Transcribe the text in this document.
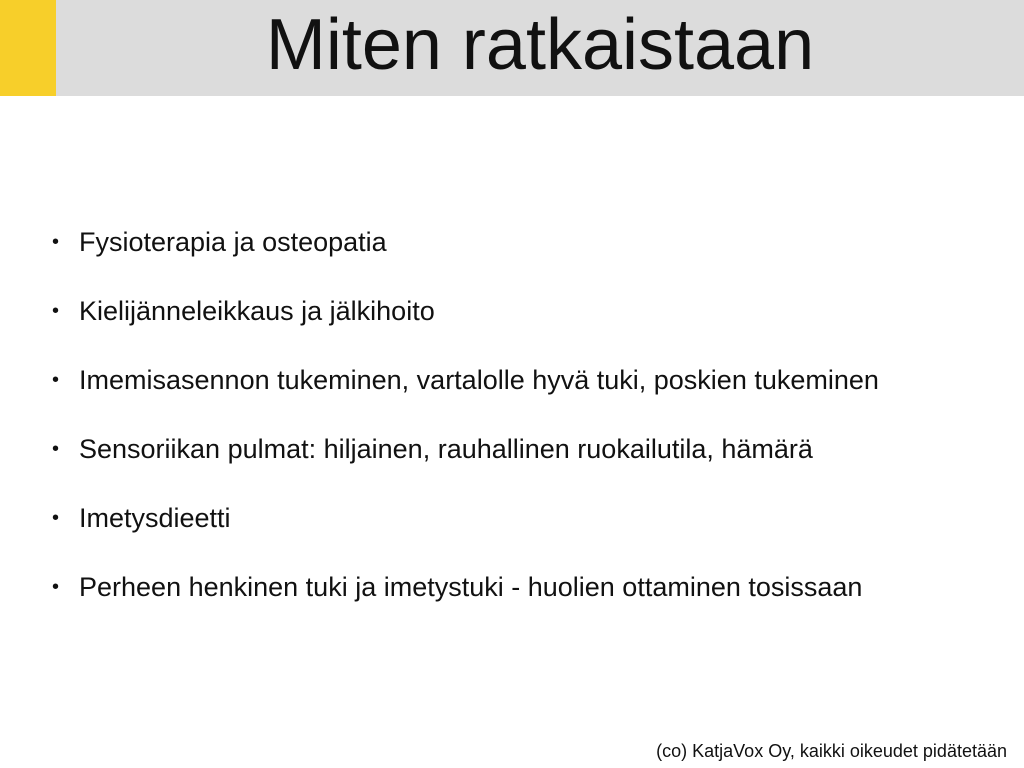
Miten ratkaistaan
• Fysioterapia ja osteopatia
• Kielijänneleikkaus ja jälkihoito
• Imemisasennon tukeminen, vartalolle hyvä tuki, poskien tukeminen
• Sensoriikan pulmat: hiljainen, rauhallinen ruokailutila, hämärä
• Imetysdieetti
• Perheen henkinen tuki ja imetystuki - huolien ottaminen tosissaan
(co) KatjaVox Oy, kaikki oikeudet pidätetään
